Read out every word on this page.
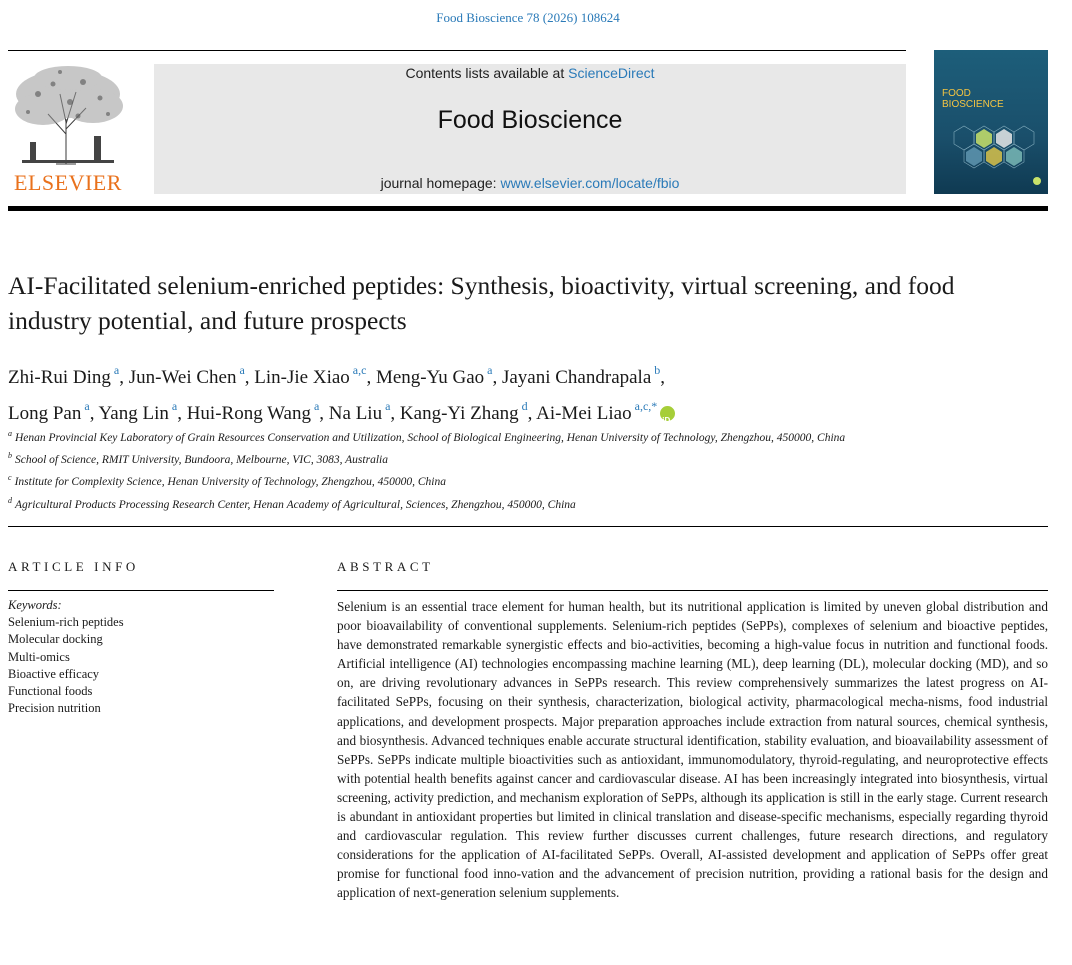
Food Bioscience 78 (2026) 108624
ELSEVIER
Contents lists available at ScienceDirect
Food Bioscience
journal homepage: www.elsevier.com/locate/fbio
FOOD
BIOSCIENCE
AI-Facilitated selenium-enriched peptides: Synthesis, bioactivity, virtual screening, and food industry potential, and future prospects
Zhi-Rui Ding $^a$, Jun-Wei Chen $^a$, Lin-Jie Xiao $^{a,c}$, Meng-Yu Gao $^a$, Jayani Chandrapala $^b$,
Long Pan $^a$, Yang Lin $^a$, Hui-Rong Wang $^a$, Na Liu $^a$, Kang-Yi Zhang $^d$, Ai-Mei Liao $^{a,c,*}$iD
$^a$ Henan Provincial Key Laboratory of Grain Resources Conservation and Utilization, School of Biological Engineering, Henan University of Technology, Zhengzhou, 450000, China
$^b$ School of Science, RMIT University, Bundoora, Melbourne, VIC, 3083, Australia
$^c$ Institute for Complexity Science, Henan University of Technology, Zhengzhou, 450000, China
$^d$ Agricultural Products Processing Research Center, Henan Academy of Agricultural, Sciences, Zhengzhou, 450000, China
ARTICLE INFO
Keywords:
Selenium-rich peptides
Molecular docking
Multi-omics
Bioactive efficacy
Functional foods
Precision nutrition
ABSTRACT
Selenium is an essential trace element for human health, but its nutritional application is limited by uneven global distribution and poor bioavailability of conventional supplements. Selenium-rich peptides (SePPs), complexes of selenium and bioactive peptides, have demonstrated remarkable synergistic effects and bio-activities, becoming a high-value focus in nutrition and functional foods. Artificial intelligence (AI) technologies encompassing machine learning (ML), deep learning (DL), molecular docking (MD), and so on, are driving revolutionary advances in SePPs research. This review comprehensively summarizes the latest progress on AI-facilitated SePPs, focusing on their synthesis, characterization, biological activity, pharmacological mecha-nisms, food industrial applications, and development prospects. Major preparation approaches include extraction from natural sources, chemical synthesis, and biosynthesis. Advanced techniques enable accurate structural identification, stability evaluation, and bioavailability assessment of SePPs. SePPs indicate multiple bioactivities such as antioxidant, immunomodulatory, thyroid-regulating, and neuroprotective effects with potential health benefits against cancer and cardiovascular disease. AI has been increasingly integrated into biosynthesis, virtual screening, activity prediction, and mechanism exploration of SePPs, although its application is still in the early stage. Current research is abundant in antioxidant properties but limited in clinical translation and disease-specific mechanisms, especially regarding thyroid and cardiovascular regulation. This review further discusses current challenges, future research directions, and regulatory considerations for the application of AI-facilitated SePPs. Overall, AI-assisted development and application of SePPs offer great promise for functional food inno-vation and the advancement of precision nutrition, providing a rational basis for the design and application of next-generation selenium supplements.
